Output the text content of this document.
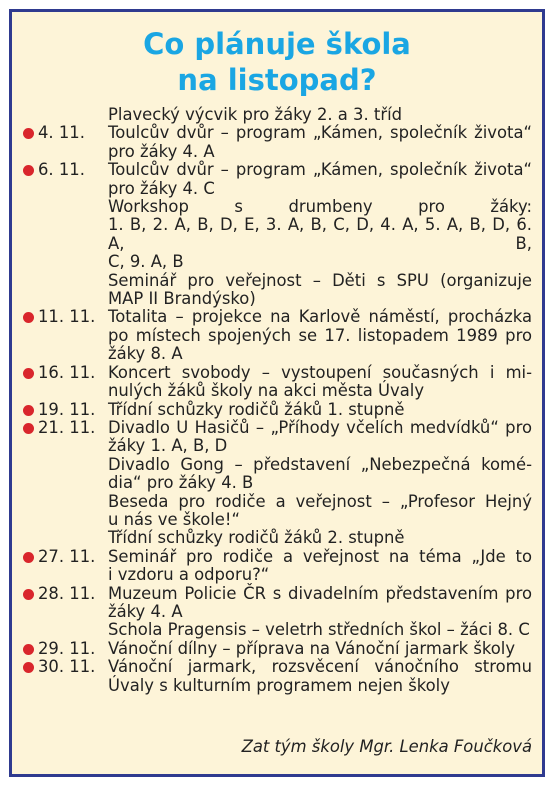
Co plánuje škola
na listopad?
Plavecký výcvik pro žáky 2. a 3. tříd
4. 11. Toulcův dvůr – program „Kámen, společník života“
pro žáky 4. A
6. 11. Toulcův dvůr – program „Kámen, společník života“
pro žáky 4. C
Workshop s drumbeny pro žáky:
1. B, 2. A, B, D, E, 3. A, B, C, D, 4. A, 5. A, B, D, 6. A, B,
C, 9. A, B
Seminář pro veřejnost – Děti s SPU (organizuje
MAP II Brandýsko)
11. 11. Totalita – projekce na Karlově náměstí, procházka
po místech spojených se 17. listopadem 1989 pro
žáky 8. A
16. 11. Koncert svobody – vystoupení současných i mi-
nulých žáků školy na akci města Úvaly
19. 11. Třídní schůzky rodičů žáků 1. stupně
21. 11. Divadlo U Hasičů – „Příhody včelích medvídků“ pro
žáky 1. A, B, D
Divadlo Gong – představení „Nebezpečná komé-
dia“ pro žáky 4. B
Beseda pro rodiče a veřejnost – „Profesor Hejný
u nás ve škole!“
Třídní schůzky rodičů žáků 2. stupně
27. 11. Seminář pro rodiče a veřejnost na téma „Jde to
i vzdoru a odporu?“
28. 11. Muzeum Policie ČR s divadelním představením pro
žáky 4. A
Schola Pragensis – veletrh středních škol – žáci 8. C
29. 11. Vánoční dílny – příprava na Vánoční jarmark školy
30. 11. Vánoční jarmark, rozsvěcení vánočního stromu
Úvaly s kulturním programem nejen školy
Zat tým školy Mgr. Lenka Foučková
